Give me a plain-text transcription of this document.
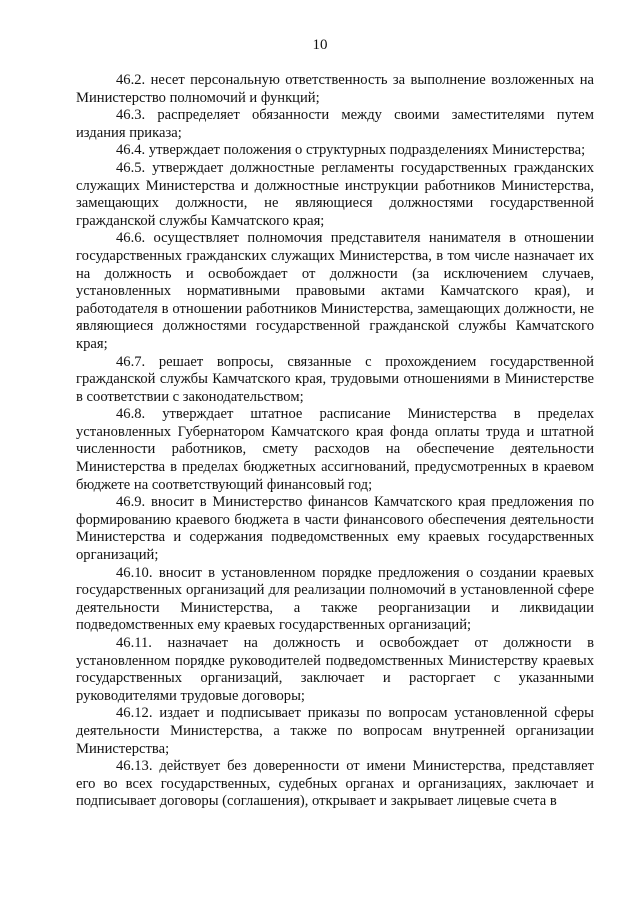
10

46.2. несет персональную ответственность за выполнение возложенных на Министерство полномочий и функций;

46.3. распределяет обязанности между своими заместителями путем издания приказа;

46.4. утверждает положения о структурных подразделениях Министерства;

46.5. утверждает должностные регламенты государственных гражданских служащих Министерства и должностные инструкции работников Министерства, замещающих должности, не являющиеся должностями государственной гражданской службы Камчатского края;

46.6. осуществляет полномочия представителя нанимателя в отношении государственных гражданских служащих Министерства, в том числе назначает их на должность и освобождает от должности (за исключением случаев, установленных нормативными правовыми актами Камчатского края), и работодателя в отношении работников Министерства, замещающих должности, не являющиеся должностями государственной гражданской службы Камчатского края;

46.7. решает вопросы, связанные с прохождением государственной гражданской службы Камчатского края, трудовыми отношениями в Министерстве в соответствии с законодательством;

46.8. утверждает штатное расписание Министерства в пределах установленных Губернатором Камчатского края фонда оплаты труда и штатной численности работников, смету расходов на обеспечение деятельности Министерства в пределах бюджетных ассигнований, предусмотренных в краевом бюджете на соответствующий финансовый год;

46.9. вносит в Министерство финансов Камчатского края предложения по формированию краевого бюджета в части финансового обеспечения деятельности Министерства и содержания подведомственных ему краевых государственных организаций;

46.10. вносит в установленном порядке предложения о создании краевых государственных организаций для реализации полномочий в установленной сфере деятельности Министерства, а также реорганизации и ликвидации подведомственных ему краевых государственных организаций;

46.11. назначает на должность и освобождает от должности в установленном порядке руководителей подведомственных Министерству краевых государственных организаций, заключает и расторгает с указанными руководителями трудовые договоры;

46.12. издает и подписывает приказы по вопросам установленной сферы деятельности Министерства, а также по вопросам внутренней организации Министерства;

46.13. действует без доверенности от имени Министерства, представляет его во всех государственных, судебных органах и организациях, заключает и подписывает договоры (соглашения), открывает и закрывает лицевые счета в
